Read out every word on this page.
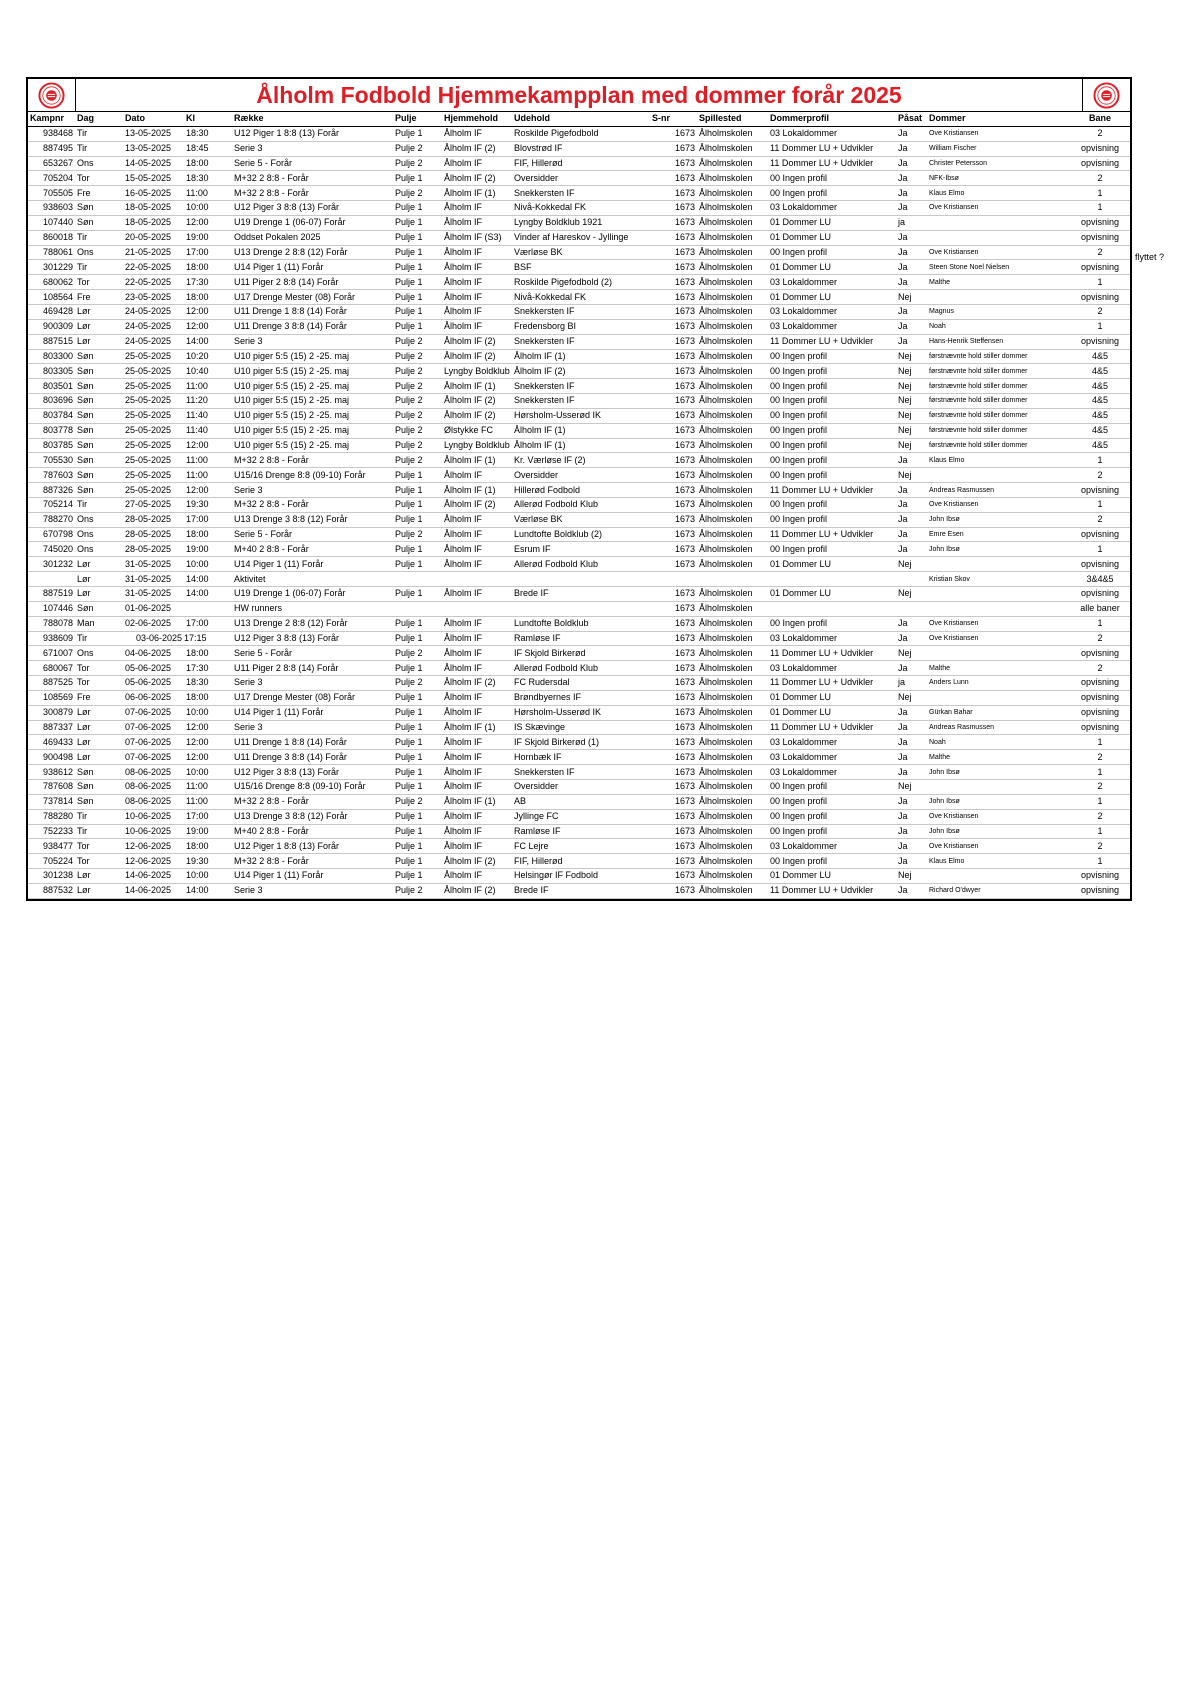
Ålholm Fodbold Hjemmekampplan med dommer forår 2025
Kampnr	Dag	Dato	Kl	Række	Pulje	Hjemmehold	Udehold	S-nr	Spillested	Dommerprofil	Påsat	Dommer	Bane
938468	Tir	13-05-2025	18:30	U12 Piger 1 8:8 (13) Forår	Pulje 1	Ålholm IF	Roskilde Pigefodbold	1673	Ålholmskolen	03 Lokaldommer	Ja	Ove Kristiansen	2
887495	Tir	13-05-2025	18:45	Serie 3	Pulje 2	Ålholm IF (2)	Blovstrød IF	1673	Ålholmskolen	11 Dommer LU + Udvikler	Ja	William Fischer	opvisning
653267	Ons	14-05-2025	18:00	Serie 5 - Forår	Pulje 2	Ålholm IF	FIF, Hillerød	1673	Ålholmskolen	11 Dommer LU + Udvikler	Ja	Christer Petersson	opvisning
705204	Tor	15-05-2025	18:30	M+32 2 8:8 - Forår	Pulje 1	Ålholm IF (2)	Oversidder	1673	Ålholmskolen	00 Ingen profil	Ja	NFK-Ibsø	2
705505	Fre	16-05-2025	11:00	M+32 2 8:8 - Forår	Pulje 2	Ålholm IF (1)	Snekkersten IF	1673	Ålholmskolen	00 Ingen profil	Ja	Klaus Elmo	1
938603	Søn	18-05-2025	10:00	U12 Piger 3 8:8 (13) Forår	Pulje 1	Ålholm IF	Nivå-Kokkedal FK	1673	Ålholmskolen	03 Lokaldommer	Ja	Ove Kristiansen	1
107440	Søn	18-05-2025	12:00	U19 Drenge 1 (06-07) Forår	Pulje 1	Ålholm IF	Lyngby Boldklub 1921	1673	Ålholmskolen	01 Dommer LU	ja		opvisning
860018	Tir	20-05-2025	19:00	Oddset Pokalen 2025	Pulje 1	Ålholm IF (S3)	Vinder af Hareskov - Jyllinge	1673	Ålholmskolen	01 Dommer LU	Ja		opvisning
788061	Ons	21-05-2025	17:00	U13 Drenge 2 8:8 (12) Forår	Pulje 1	Ålholm IF	Værløse BK	1673	Ålholmskolen	00 Ingen profil	Ja	Ove Kristiansen	2
301229	Tir	22-05-2025	18:00	U14 Piger 1 (11) Forår	Pulje 1	Ålholm IF	BSF	1673	Ålholmskolen	01 Dommer LU	Ja	Steen Stone Noel Nielsen	opvisning
680062	Tor	22-05-2025	17:30	U11 Piger 2 8:8 (14) Forår	Pulje 1	Ålholm IF	Roskilde Pigefodbold (2)	1673	Ålholmskolen	03 Lokaldommer	Ja	Malthe	1
108564	Fre	23-05-2025	18:00	U17 Drenge Mester (08) Forår	Pulje 1	Ålholm IF	Nivå-Kokkedal FK	1673	Ålholmskolen	01 Dommer LU	Nej		opvisning
469428	Lør	24-05-2025	12:00	U11 Drenge 1 8:8 (14) Forår	Pulje 1	Ålholm IF	Snekkersten IF	1673	Ålholmskolen	03 Lokaldommer	Ja	Magnus	2
900309	Lør	24-05-2025	12:00	U11 Drenge 3 8:8 (14) Forår	Pulje 1	Ålholm IF	Fredensborg BI	1673	Ålholmskolen	03 Lokaldommer	Ja	Noah	1
887515	Lør	24-05-2025	14:00	Serie 3	Pulje 2	Ålholm IF (2)	Snekkersten IF	1673	Ålholmskolen	11 Dommer LU + Udvikler	Ja	Hans-Henrik Steffensen	opvisning
803300	Søn	25-05-2025	10:20	U10 piger 5:5 (15) 2 -25. maj	Pulje 2	Ålholm IF (2)	Ålholm IF (1)	1673	Ålholmskolen	00 Ingen profil	Nej	førstnævnte hold stiller dommer	4&5
803305	Søn	25-05-2025	10:40	U10 piger 5:5 (15) 2 -25. maj	Pulje 2	Lyngby Boldklub	Ålholm IF (2)	1673	Ålholmskolen	00 Ingen profil	Nej	førstnævnte hold stiller dommer	4&5
803501	Søn	25-05-2025	11:00	U10 piger 5:5 (15) 2 -25. maj	Pulje 2	Ålholm IF (1)	Snekkersten IF	1673	Ålholmskolen	00 Ingen profil	Nej	førstnævnte hold stiller dommer	4&5
803696	Søn	25-05-2025	11:20	U10 piger 5:5 (15) 2 -25. maj	Pulje 2	Ålholm IF (2)	Snekkersten IF	1673	Ålholmskolen	00 Ingen profil	Nej	førstnævnte hold stiller dommer	4&5
803784	Søn	25-05-2025	11:40	U10 piger 5:5 (15) 2 -25. maj	Pulje 2	Ålholm IF (2)	Hørsholm-Usserød IK	1673	Ålholmskolen	00 Ingen profil	Nej	førstnævnte hold stiller dommer	4&5
803778	Søn	25-05-2025	11:40	U10 piger 5:5 (15) 2 -25. maj	Pulje 2	Ølstykke FC	Ålholm IF (1)	1673	Ålholmskolen	00 Ingen profil	Nej	førstnævnte hold stiller dommer	4&5
803785	Søn	25-05-2025	12:00	U10 piger 5:5 (15) 2 -25. maj	Pulje 2	Lyngby Boldklub	Ålholm IF (1)	1673	Ålholmskolen	00 Ingen profil	Nej	førstnævnte hold stiller dommer	4&5
705530	Søn	25-05-2025	11:00	M+32 2 8:8 - Forår	Pulje 2	Ålholm IF (1)	Kr. Værløse IF (2)	1673	Ålholmskolen	00 Ingen profil	Ja	Klaus Elmo	1
787603	Søn	25-05-2025	11:00	U15/16 Drenge 8:8 (09-10) Forår	Pulje 1	Ålholm IF	Oversidder	1673	Ålholmskolen	00 Ingen profil	Nej		2
887326	Søn	25-05-2025	12:00	Serie 3	Pulje 1	Ålholm IF (1)	Hillerød Fodbold	1673	Ålholmskolen	11 Dommer LU + Udvikler	Ja	Andreas Rasmussen	opvisning
705214	Tir	27-05-2025	19:30	M+32 2 8:8 - Forår	Pulje 1	Ålholm IF (2)	Allerød Fodbold Klub	1673	Ålholmskolen	00 Ingen profil	Ja	Ove Kristiansen	1
788270	Ons	28-05-2025	17:00	U13 Drenge 3 8:8 (12) Forår	Pulje 1	Ålholm IF	Værløse BK	1673	Ålholmskolen	00 Ingen profil	Ja	John Ibsø	2
670798	Ons	28-05-2025	18:00	Serie 5 - Forår	Pulje 2	Ålholm IF	Lundtofte Boldklub (2)	1673	Ålholmskolen	11 Dommer LU + Udvikler	Ja	Emre Esen	opvisning
745020	Ons	28-05-2025	19:00	M+40 2 8:8 - Forår	Pulje 1	Ålholm IF	Esrum IF	1673	Ålholmskolen	00 Ingen profil	Ja	John Ibsø	1
301232	Lør	31-05-2025	10:00	U14 Piger 1 (11) Forår	Pulje 1	Ålholm IF	Allerød Fodbold Klub	1673	Ålholmskolen	01 Dommer LU	Nej		opvisning
	Lør	31-05-2025	14:00	Aktivitet								Kristian Skov	3&4&5
887519	Lør	31-05-2025	14:00	U19 Drenge 1 (06-07) Forår	Pulje 1	Ålholm IF	Brede IF	1673	Ålholmskolen	01 Dommer LU	Nej		opvisning
107446	Søn	01-06-2025		HW runners				1673	Ålholmskolen				alle baner
788078	Man	02-06-2025	17:00	U13 Drenge 2 8:8 (12) Forår	Pulje 1	Ålholm IF	Lundtofte Boldklub	1673	Ålholmskolen	00 Ingen profil	Ja	Ove Kristiansen	1
938609	Tir	03-06-2025	17:15	U12 Piger 3 8:8 (13) Forår	Pulje 1	Ålholm IF	Ramløse IF	1673	Ålholmskolen	03 Lokaldommer	Ja	Ove Kristiansen	2
671007	Ons	04-06-2025	18:00	Serie 5 - Forår	Pulje 2	Ålholm IF	IF Skjold Birkerød	1673	Ålholmskolen	11 Dommer LU + Udvikler	Nej		opvisning
680067	Tor	05-06-2025	17:30	U11 Piger 2 8:8 (14) Forår	Pulje 1	Ålholm IF	Allerød Fodbold Klub	1673	Ålholmskolen	03 Lokaldommer	Ja	Malthe	2
887525	Tor	05-06-2025	18:30	Serie 3	Pulje 2	Ålholm IF (2)	FC Rudersdal	1673	Ålholmskolen	11 Dommer LU + Udvikler	ja	Anders Lunn	opvisning
108569	Fre	06-06-2025	18:00	U17 Drenge Mester (08) Forår	Pulje 1	Ålholm IF	Brøndbyernes IF	1673	Ålholmskolen	01 Dommer LU	Nej		opvisning
300879	Lør	07-06-2025	10:00	U14 Piger 1 (11) Forår	Pulje 1	Ålholm IF	Hørsholm-Usserød IK	1673	Ålholmskolen	01 Dommer LU	Ja	Gürkan Bahar	opvisning
887337	Lør	07-06-2025	12:00	Serie 3	Pulje 1	Ålholm IF (1)	IS Skævinge	1673	Ålholmskolen	11 Dommer LU + Udvikler	Ja	Andreas Rasmussen	opvisning
469433	Lør	07-06-2025	12:00	U11 Drenge 1 8:8 (14) Forår	Pulje 1	Ålholm IF	IF Skjold Birkerød (1)	1673	Ålholmskolen	03 Lokaldommer	Ja	Noah	1
900498	Lør	07-06-2025	12:00	U11 Drenge 3 8:8 (14) Forår	Pulje 1	Ålholm IF	Hornbæk IF	1673	Ålholmskolen	03 Lokaldommer	Ja	Malthe	2
938612	Søn	08-06-2025	10:00	U12 Piger 3 8:8 (13) Forår	Pulje 1	Ålholm IF	Snekkersten IF	1673	Ålholmskolen	03 Lokaldommer	Ja	John Ibsø	1
787608	Søn	08-06-2025	11:00	U15/16 Drenge 8:8 (09-10) Forår	Pulje 1	Ålholm IF	Oversidder	1673	Ålholmskolen	00 Ingen profil	Nej		2
737814	Søn	08-06-2025	11:00	M+32 2 8:8 - Forår	Pulje 2	Ålholm IF (1)	AB	1673	Ålholmskolen	00 Ingen profil	Ja	John Ibsø	1
788280	Tir	10-06-2025	17:00	U13 Drenge 3 8:8 (12) Forår	Pulje 1	Ålholm IF	Jyllinge FC	1673	Ålholmskolen	00 Ingen profil	Ja	Ove Kristiansen	2
752233	Tir	10-06-2025	19:00	M+40 2 8:8 - Forår	Pulje 1	Ålholm IF	Ramløse IF	1673	Ålholmskolen	00 Ingen profil	Ja	John Ibsø	1
938477	Tor	12-06-2025	18:00	U12 Piger 1 8:8 (13) Forår	Pulje 1	Ålholm IF	FC Lejre	1673	Ålholmskolen	03 Lokaldommer	Ja	Ove Kristiansen	2
705224	Tor	12-06-2025	19:30	M+32 2 8:8 - Forår	Pulje 1	Ålholm IF (2)	FIF, Hillerød	1673	Ålholmskolen	00 Ingen profil	Ja	Klaus Elmo	1
301238	Lør	14-06-2025	10:00	U14 Piger 1 (11) Forår	Pulje 1	Ålholm IF	Helsingør IF Fodbold	1673	Ålholmskolen	01 Dommer LU	Nej		opvisning
887532	Lør	14-06-2025	14:00	Serie 3	Pulje 2	Ålholm IF (2)	Brede IF	1673	Ålholmskolen	11 Dommer LU + Udvikler	Ja	Richard O'dwyer	opvisning
flyttet ?
